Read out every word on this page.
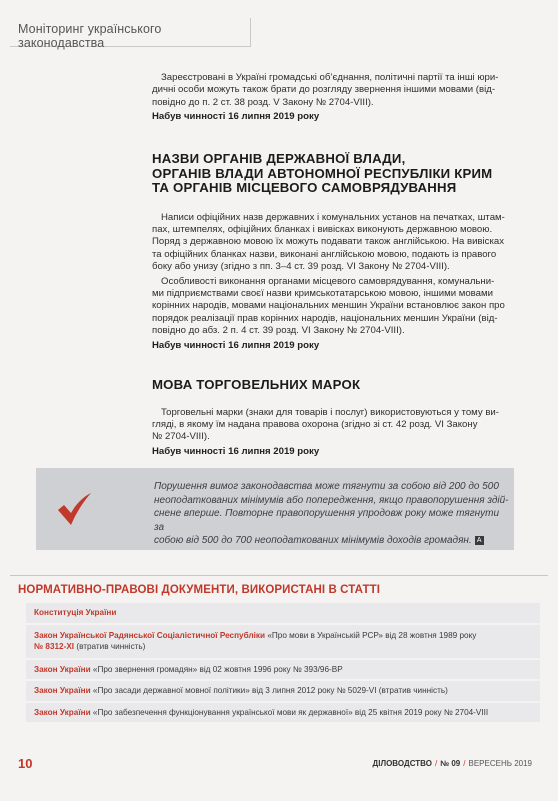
Моніторинг українського законодавства

Зареєстровані в Україні громадські об’єднання, політичні партії та інші юри-
дичні особи можуть також брати до розгляду звернення іншими мовами (від-
повідно до п. 2 ст. 38 розд. V Закону № 2704-VIII).

Набув чинності 16 липня 2019 року
НАЗВИ ОРГАНІВ ДЕРЖАВНОЇ ВЛАДИ,
ОРГАНІВ ВЛАДИ АВТОНОМНОЇ РЕСПУБЛІКИ КРИМ
ТА ОРГАНІВ МІСЦЕВОГО САМОВРЯДУВАННЯ

Написи офіційних назв державних і комунальних установ на печатках, штам-
пах, штемпелях, офіційних бланках і вивісках виконують державною мовою.
Поряд з державною мовою їх можуть подавати також англійською. На вивісках
та офіційних бланках назви, виконані англійською мовою, подають із правого
боку або унизу (згідно з пп. 3–4 ст. 39 розд. VI Закону № 2704-VIII).

Особливості виконання органами місцевого самоврядування, комунальни-
ми підприємствами своєї назви кримськотатарською мовою, іншими мовами
корінних народів, мовами національних меншин України встановлює закон про
порядок реалізації прав корінних народів, національних меншин України (від-
повідно до абз. 2 п. 4 ст. 39 розд. VI Закону № 2704-VIII).

Набув чинності 16 липня 2019 року
МОВА ТОРГОВЕЛЬНИХ МАРОК

Торговельні марки (знаки для товарів і послуг) використовуються у тому ви-
гляді, в якому їм надана правова охорона (згідно зі ст. 42 розд. VI Закону
№ 2704-VIII).

Набув чинності 16 липня 2019 року

Порушення вимог законодавства може тягнути за собою від 200 до 500
неоподаткованих мінімумів або попередження, якщо правопорушення здій-
снене вперше. Повторне правопорушення упродовж року може тягнути за
собою від 500 до 700 неоподаткованих мінімумів доходів громадян. A

НОРМАТИВНО-ПРАВОВІ ДОКУМЕНТИ, ВИКОРИСТАНІ В СТАТТІ
Конституція України
Закон Української Радянської Соціалістичної Республіки «Про мови в Українській РСР» від 28 жовтня 1989 року
№ 8312-XI (втратив чинність)
Закон України «Про звернення громадян» від 02 жовтня 1996 року № 393/96-ВР
Закон України «Про засади державної мовної політики» від 3 липня 2012 року № 5029-VI (втратив чинність)
Закон України «Про забезпечення функціонування української мови як державної» від 25 квітня 2019 року № 2704-VIII
10	ДІЛОВОДСТВО / № 09 / ВЕРЕСЕНЬ 2019
